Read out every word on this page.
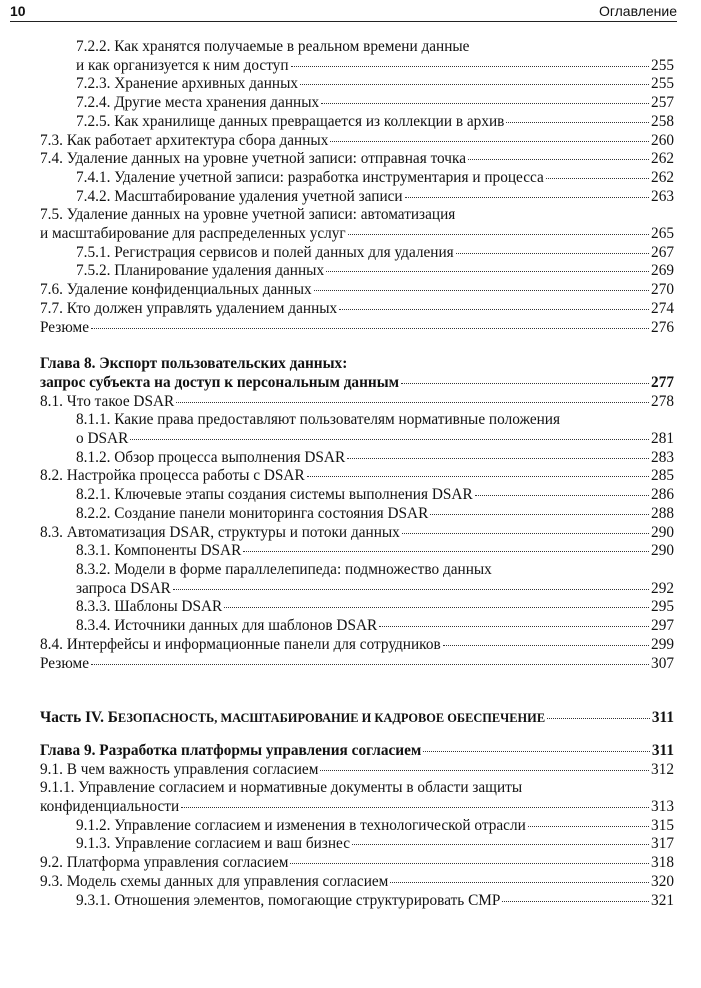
10	Оглавление
7.2.2. Как хранятся получаемые в реальном времени данные
и как организуется к ним доступ	255
7.2.3. Хранение архивных данных	255
7.2.4. Другие места хранения данных	257
7.2.5. Как хранилище данных превращается из коллекции в архив	258
7.3. Как работает архитектура сбора данных	260
7.4. Удаление данных на уровне учетной записи: отправная точка	262
7.4.1. Удаление учетной записи: разработка инструментария и процесса	262
7.4.2. Масштабирование удаления учетной записи	263
7.5. Удаление данных на уровне учетной записи: автоматизация
и масштабирование для распределенных услуг	265
7.5.1. Регистрация сервисов и полей данных для удаления	267
7.5.2. Планирование удаления данных	269
7.6. Удаление конфиденциальных данных	270
7.7. Кто должен управлять удалением данных	274
Резюме	276
Глава 8. Экспорт пользовательских данных:
запрос субъекта на доступ к персональным данным	277
8.1. Что такое DSAR	278
8.1.1. Какие права предоставляют пользователям нормативные положения
о DSAR	281
8.1.2. Обзор процесса выполнения DSAR	283
8.2. Настройка процесса работы с DSAR	285
8.2.1. Ключевые этапы создания системы выполнения DSAR	286
8.2.2. Создание панели мониторинга состояния DSAR	288
8.3. Автоматизация DSAR, структуры и потоки данных	290
8.3.1. Компоненты DSAR	290
8.3.2. Модели в форме параллелепипеда: подмножество данных
запроса DSAR	292
8.3.3. Шаблоны DSAR	295
8.3.4. Источники данных для шаблонов DSAR	297
8.4. Интерфейсы и информационные панели для сотрудников	299
Резюме	307
Часть IV. БЕЗОПАСНОСТЬ, МАСШТАБИРОВАНИЕ И КАДРОВОЕ ОБЕСПЕЧЕНИЕ	311
Глава 9. Разработка платформы управления согласием	311
9.1. В чем важность управления согласием	312
9.1.1. Управление согласием и нормативные документы в области защиты
конфиденциальности	313
9.1.2. Управление согласием и изменения в технологической отрасли	315
9.1.3. Управление согласием и ваш бизнес	317
9.2. Платформа управления согласием	318
9.3. Модель схемы данных для управления согласием	320
9.3.1. Отношения элементов, помогающие структурировать CMP	321
